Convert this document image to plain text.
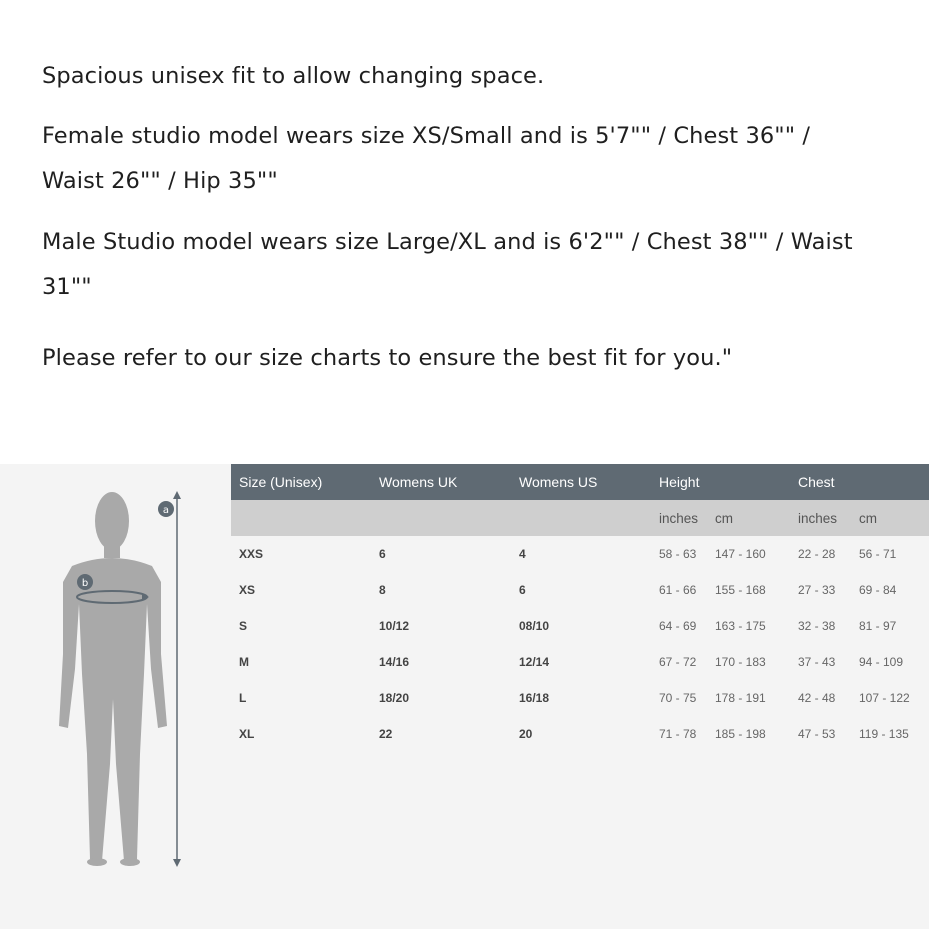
Spacious unisex fit to allow changing space.

Female studio model wears size XS/Small and is 5'7"" / Chest 36"" / Waist 26"" / Hip 35""

Male Studio model wears size Large/XL and is 6'2"" / Chest 38"" / Waist 31""

Please refer to our size charts to ensure the best fit for you."

a
b
Size (Unisex)	Womens UK	Womens US	Height		Chest	
			inches	cm	inches	cm
XXS	6	4	58 - 63	147 - 160	22 - 28	56 - 71
XS	8	6	61 - 66	155 - 168	27 - 33	69 - 84
S	10/12	08/10	64 - 69	163 - 175	32 - 38	81 - 97
M	14/16	12/14	67 - 72	170 - 183	37 - 43	94 - 109
L	18/20	16/18	70 - 75	178 - 191	42 - 48	107 - 122
XL	22	20	71 - 78	185 - 198	47 - 53	119 - 135
